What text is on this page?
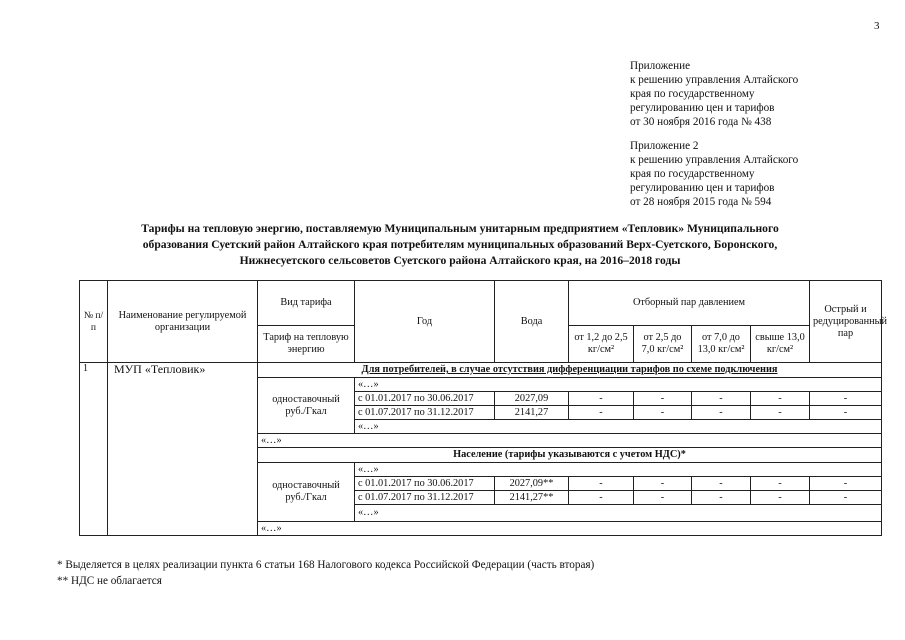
3
Приложение
к решению управления Алтайского
края по государственному
регулированию цен и тарифов
от 30 ноября 2016 года № 438
Приложение 2
к решению управления Алтайского
края по государственному
регулированию цен и тарифов
от 28 ноября 2015 года № 594
Тарифы на тепловую энергию, поставляемую Муниципальным унитарным предприятием «Тепловик» Муниципального
образования Суетский район Алтайского края потребителям муниципальных образований Верх-Суетского, Боронского,
Нижнесуетского сельсоветов Суетского района Алтайского края, на 2016–2018 годы
№ п/п	Наименование регулируемой организации	Вид тарифа	Год	Вода	Отборный пар давлением				Острый и редуцированный пар
		Тариф на тепловую энергию			от 1,2 до 2,5 кг/см²	от 2,5 до 7,0 кг/см²	от 7,0 до 13,0 кг/см²	свыше 13,0 кг/см²	
1	МУП «Тепловик»	Для потребителей, в случае отсутствия дифференциации тарифов по схеме подключения							
		одноставочный руб./Гкал	«…»						
			с 01.01.2017 по 30.06.2017	2027,09	-	-	-	-	-
			с 01.07.2017 по 31.12.2017	2141,27	-	-	-	-	-
			«…»						
		«…»							
		Население (тарифы указываются с учетом НДС)*							
		одноставочный руб./Гкал	«…»						
			с 01.01.2017 по 30.06.2017	2027,09**	-	-	-	-	-
			с 01.07.2017 по 31.12.2017	2141,27**	-	-	-	-	-
			«…»						
		«…»							
* Выделяется в целях реализации пункта 6 статьи 168 Налогового кодекса Российской Федерации (часть вторая)
** НДС не облагается
